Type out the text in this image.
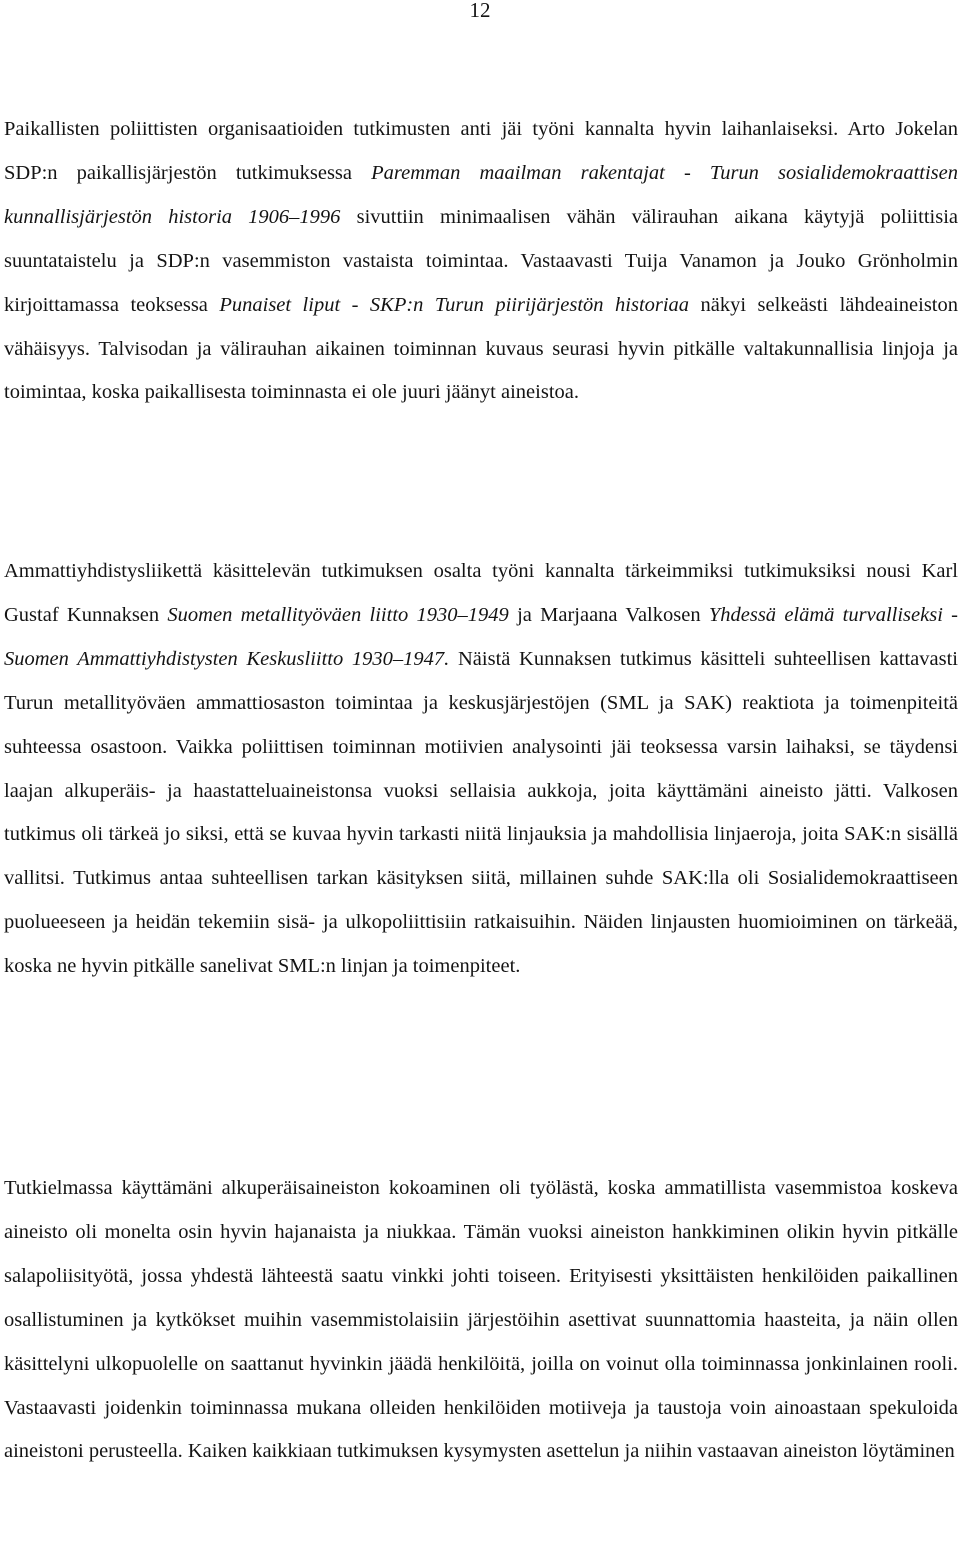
12

Paikallisten poliittisten organisaatioiden tutkimusten anti jäi työni kannalta hyvin laihanlaiseksi. Arto Jokelan SDP:n paikallisjärjestön tutkimuksessa Paremman maailman rakentajat - Turun sosialidemokraattisen kunnallisjärjestön historia 1906–1996 sivuttiin minimaalisen vähän välirauhan aikana käytyjä poliittisia suuntataistelu ja SDP:n vasemmiston vastaista toimintaa. Vastaavasti Tuija Vanamon ja Jouko Grönholmin kirjoittamassa teoksessa Punaiset liput - SKP:n Turun piirijärjestön historiaa näkyi selkeästi lähdeaineiston vähäisyys. Talvisodan ja välirauhan aikainen toiminnan kuvaus seurasi hyvin pitkälle valtakunnallisia linjoja ja toimintaa, koska paikallisesta toiminnasta ei ole juuri jäänyt aineistoa.

Ammattiyhdistysliikettä käsittelevän tutkimuksen osalta työni kannalta tärkeimmiksi tutkimuksiksi nousi Karl Gustaf Kunnaksen Suomen metallityöväen liitto 1930–1949 ja Marjaana Valkosen Yhdessä elämä turvalliseksi - Suomen Ammattiyhdistysten Keskusliitto 1930–1947. Näistä Kunnaksen tutkimus käsitteli suhteellisen kattavasti Turun metallityöväen ammattiosaston toimintaa ja keskusjärjestöjen (SML ja SAK) reaktiota ja toimenpiteitä suhteessa osastoon. Vaikka poliittisen toiminnan motiivien analysointi jäi teoksessa varsin laihaksi, se täydensi laajan alkuperäis- ja haastatteluaineistonsa vuoksi sellaisia aukkoja, joita käyttämäni aineisto jätti. Valkosen tutkimus oli tärkeä jo siksi, että se kuvaa hyvin tarkasti niitä linjauksia ja mahdollisia linjaeroja, joita SAK:n sisällä vallitsi. Tutkimus antaa suhteellisen tarkan käsityksen siitä, millainen suhde SAK:lla oli Sosialidemokraattiseen puolueeseen ja heidän tekemiin sisä- ja ulkopoliittisiin ratkaisuihin. Näiden linjausten huomioiminen on tärkeää, koska ne hyvin pitkälle sanelivat SML:n linjan ja toimenpiteet.

Tutkielmassa käyttämäni alkuperäisaineiston kokoaminen oli työlästä, koska ammatillista vasemmistoa koskeva aineisto oli monelta osin hyvin hajanaista ja niukkaa. Tämän vuoksi aineiston hankkiminen olikin hyvin pitkälle salapoliisityötä, jossa yhdestä lähteestä saatu vinkki johti toiseen. Erityisesti yksittäisten henkilöiden paikallinen osallistuminen ja kytkökset muihin vasemmistolaisiin järjestöihin asettivat suunnattomia haasteita, ja näin ollen käsittelyni ulkopuolelle on saattanut hyvinkin jäädä henkilöitä, joilla on voinut olla toiminnassa jonkinlainen rooli. Vastaavasti joidenkin toiminnassa mukana olleiden henkilöiden motiiveja ja taustoja voin ainoastaan spekuloida aineistoni perusteella. Kaiken kaikkiaan tutkimuksen kysymysten asettelun ja niihin vastaavan aineiston löytäminen
